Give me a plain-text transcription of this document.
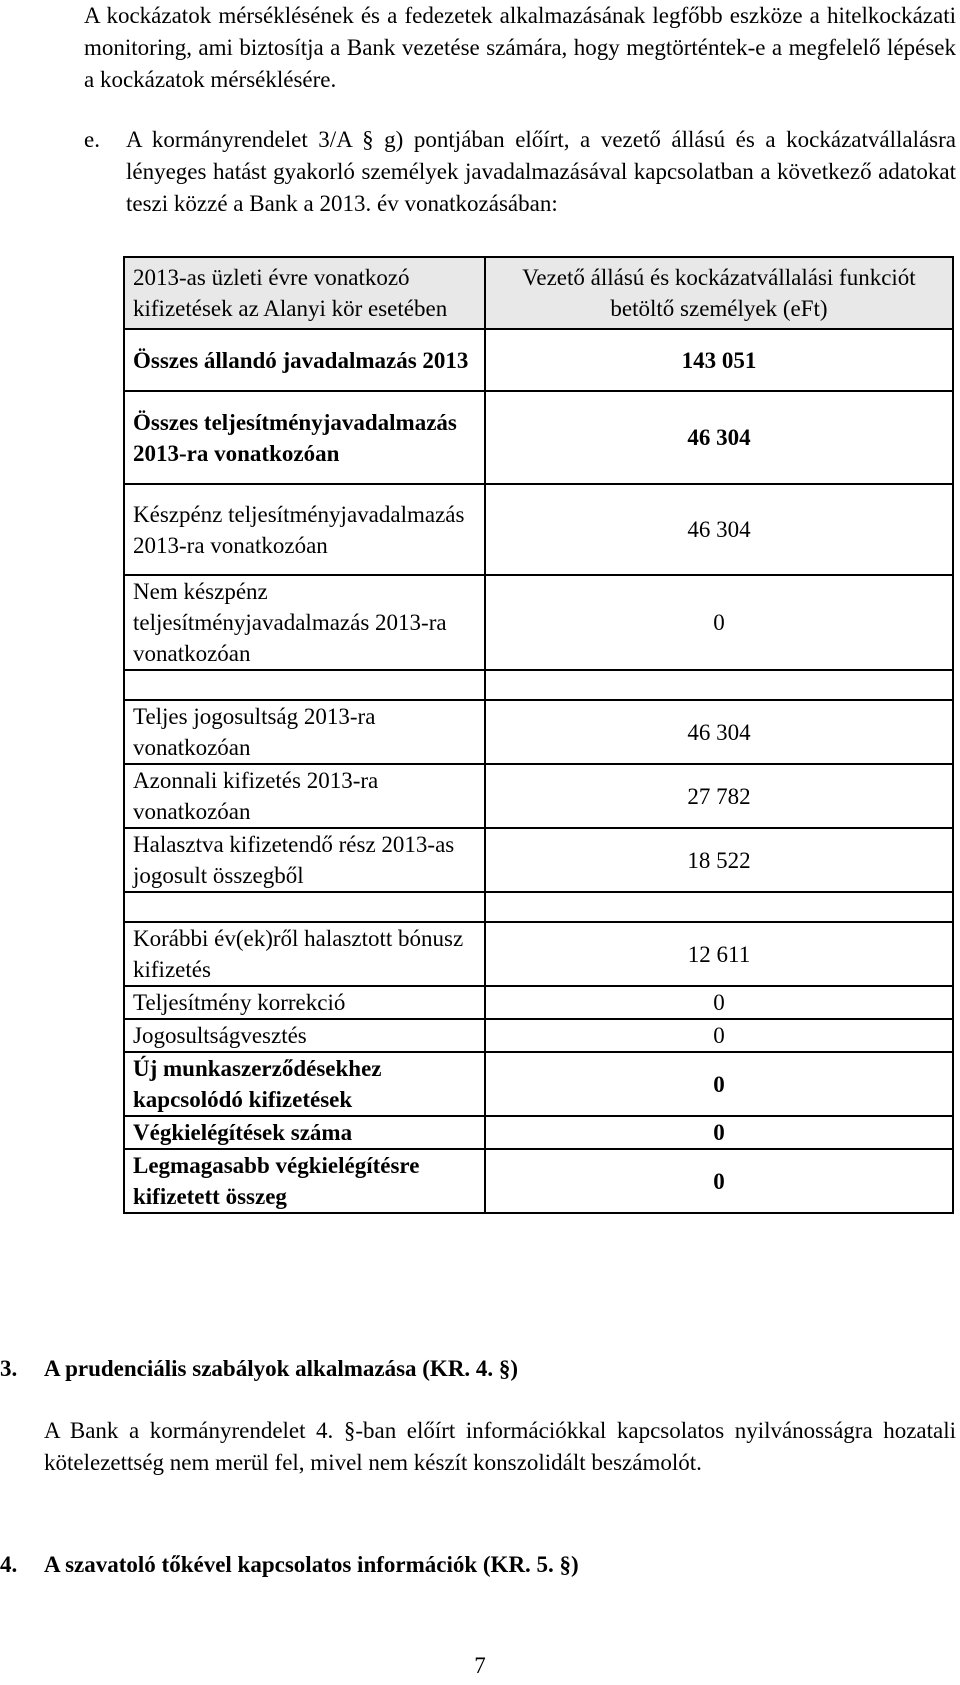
A kockázatok mérséklésének és a fedezetek alkalmazásának legfőbb eszköze a hitelkockázati monitoring, ami biztosítja a Bank vezetése számára, hogy megtörténtek-e a megfelelő lépések a kockázatok mérséklésére.
e. A kormányrendelet 3/A § g) pontjában előírt, a vezető állású és a kockázatvállalásra lényeges hatást gyakorló személyek javadalmazásával kapcsolatban a következő adatokat teszi közzé a Bank a 2013. év vonatkozásában:
2013-as üzleti évre vonatkozó kifizetések az Alanyi kör esetében	Vezető állású és kockázatvállalási funkciót betöltő személyek (eFt)
Összes állandó javadalmazás 2013	143 051
Összes teljesítményjavadalmazás 2013-ra vonatkozóan	46 304
Készpénz teljesítményjavadalmazás 2013-ra vonatkozóan	46 304
Nem készpénz teljesítményjavadalmazás 2013-ra vonatkozóan	0

Teljes jogosultság 2013-ra vonatkozóan	46 304
Azonnali kifizetés 2013-ra vonatkozóan	27 782
Halasztva kifizetendő rész 2013-as jogosult összegből	18 522

Korábbi év(ek)ről halasztott bónusz kifizetés	12 611
Teljesítmény korrekció	0
Jogosultságvesztés	0
Új munkaszerződésekhez kapcsolódó kifizetések	0
Végkielégítések száma	0
Legmagasabb végkielégítésre kifizetett összeg	0
3. A prudenciális szabályok alkalmazása (KR. 4. §)
A Bank a kormányrendelet 4. §-ban előírt információkkal kapcsolatos nyilvánosságra hozatali kötelezettség nem merül fel, mivel nem készít konszolidált beszámolót.
4. A szavatoló tőkével kapcsolatos információk (KR. 5. §)
7
